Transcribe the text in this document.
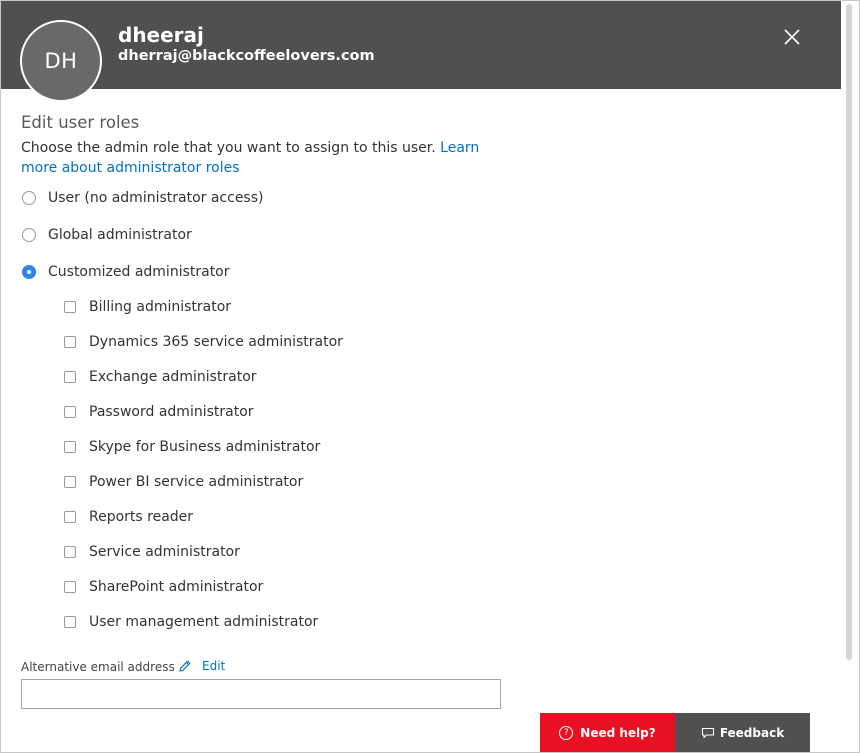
dheeraj
dherraj@blackcoffeelovers.com
DH
Edit user roles
Choose the admin role that you want to assign to this user. Learn more about administrator roles
User (no administrator access)
Global administrator
Customized administrator
Billing administrator
Dynamics 365 service administrator
Exchange administrator
Password administrator
Skype for Business administrator
Power BI service administrator
Reports reader
Service administrator
SharePoint administrator
User management administrator
Alternative email address Edit
? Need help?	Feedback
